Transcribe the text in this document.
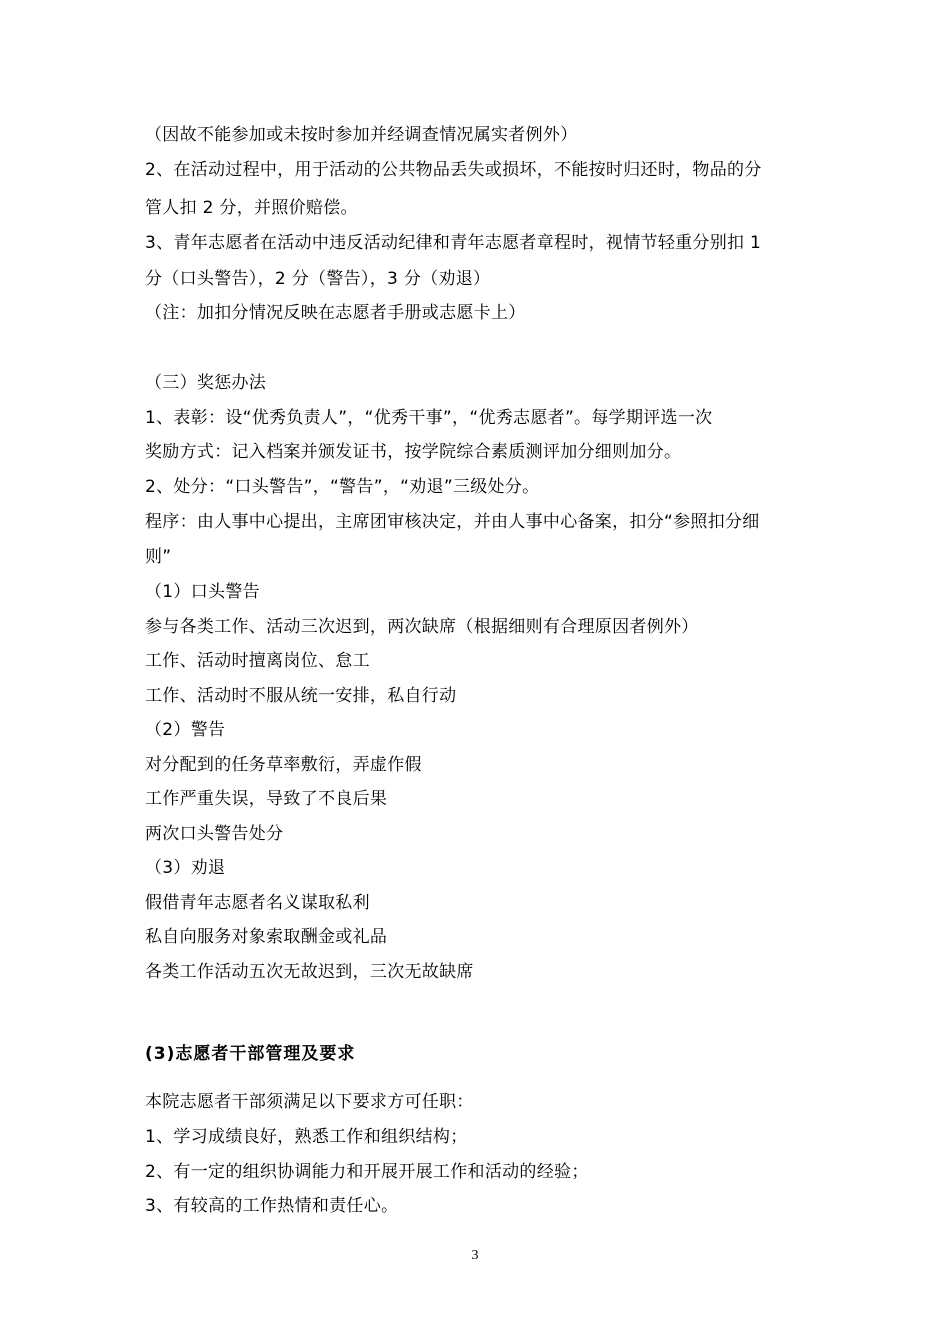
（因故不能参加或未按时参加并经调查情况属实者例外）
2、在活动过程中，用于活动的公共物品丢失或损坏，不能按时归还时，物品的分
管人扣 2 分，并照价赔偿。
3、青年志愿者在活动中违反活动纪律和青年志愿者章程时，视情节轻重分别扣 1
分（口头警告），2 分（警告），3 分（劝退）
（注：加扣分情况反映在志愿者手册或志愿卡上）
（三）奖惩办法
1、表彰：设“优秀负责人”，“优秀干事”，“优秀志愿者”。每学期评选一次
奖励方式：记入档案并颁发证书，按学院综合素质测评加分细则加分。
2、处分：“口头警告”，“警告”，“劝退”三级处分。
程序：由人事中心提出，主席团审核决定，并由人事中心备案，扣分“参照扣分细
则”
（1）口头警告
参与各类工作、活动三次迟到，两次缺席（根据细则有合理原因者例外）
工作、活动时擅离岗位、怠工
工作、活动时不服从统一安排，私自行动
（2）警告
对分配到的任务草率敷衍，弄虚作假
工作严重失误，导致了不良后果
两次口头警告处分
（3）劝退
假借青年志愿者名义谋取私利
私自向服务对象索取酬金或礼品
各类工作活动五次无故迟到，三次无故缺席
(3)志愿者干部管理及要求
本院志愿者干部须满足以下要求方可任职：
1、学习成绩良好，熟悉工作和组织结构；
2、有一定的组织协调能力和开展开展工作和活动的经验；
3、有较高的工作热情和责任心。
3
